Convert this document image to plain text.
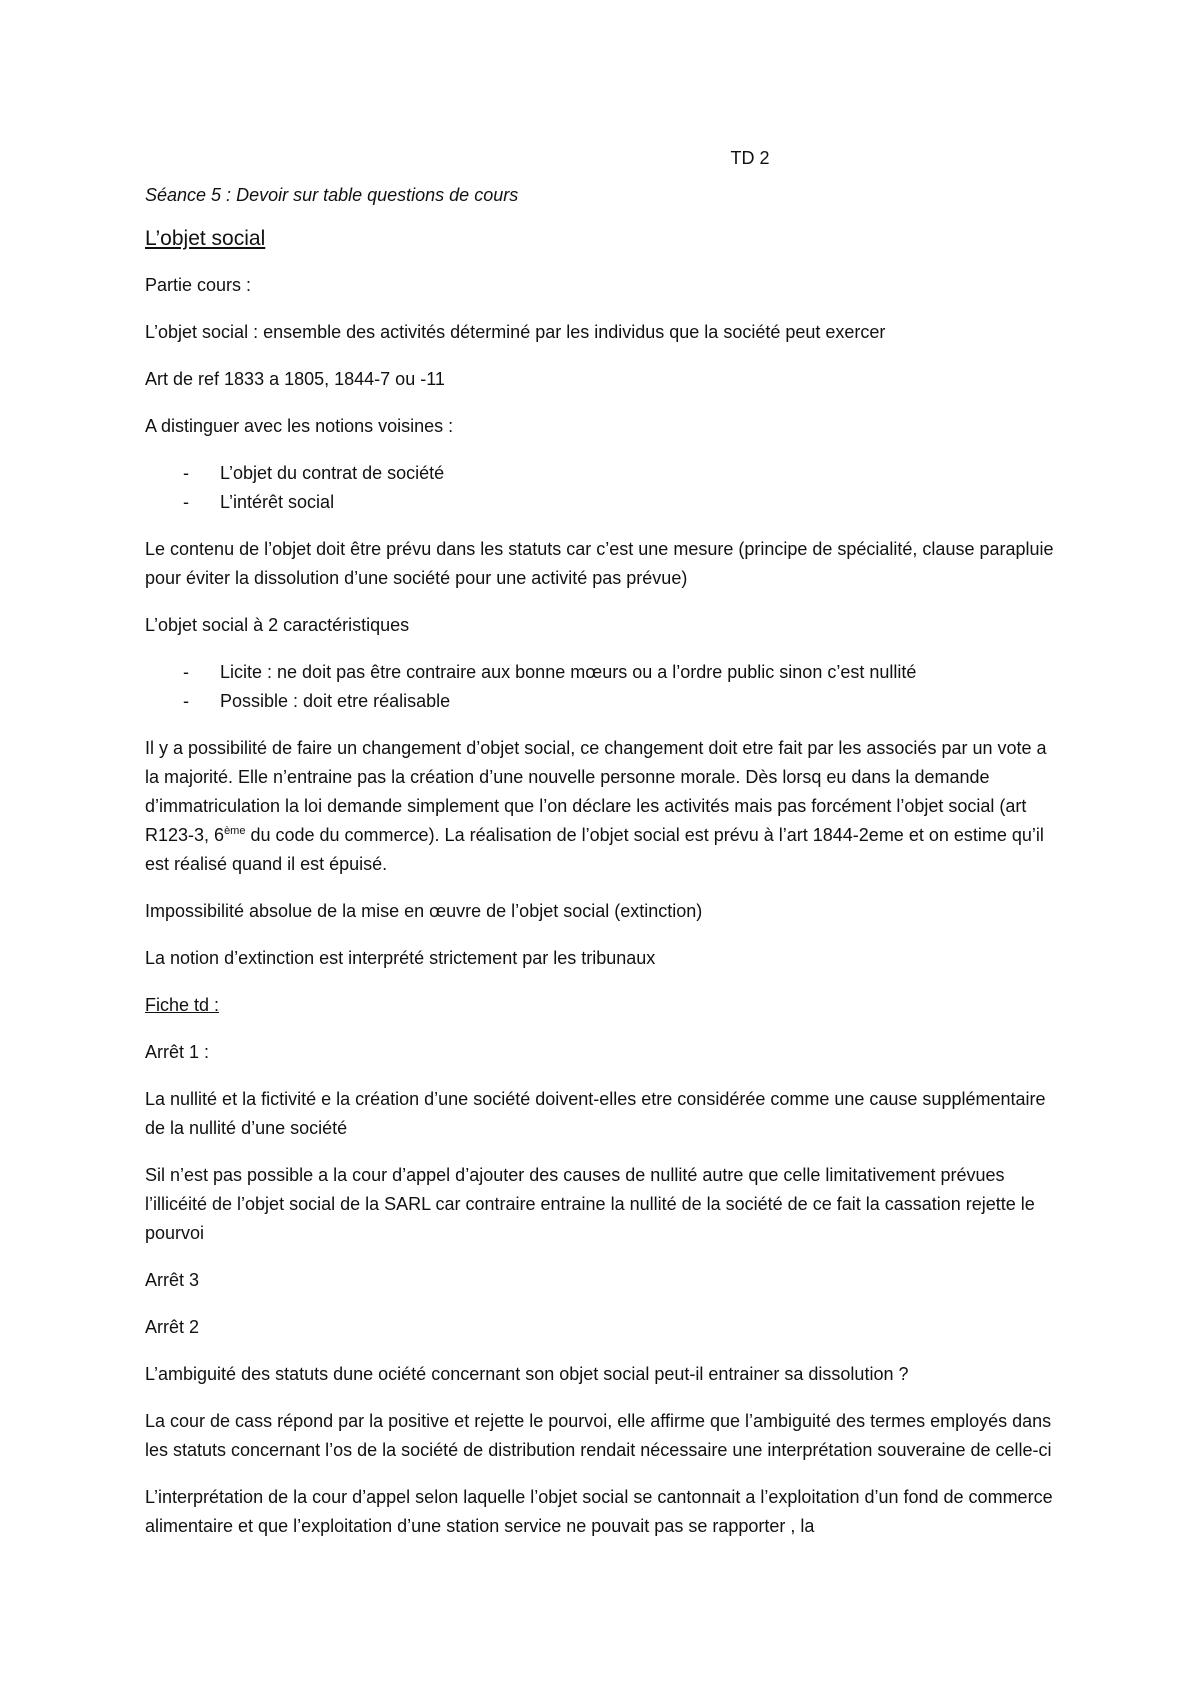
TD 2

Séance 5 : Devoir sur table questions de cours

L’objet social

Partie cours :

L’objet social : ensemble des activités déterminé par les individus que la société peut exercer

Art de ref 1833 a 1805, 1844-7 ou -11

A distinguer avec les notions voisines :

- L’objet du contrat de société
- L’intérêt social

Le contenu de l’objet doit être prévu dans les statuts car c’est une mesure (principe de spécialité, clause parapluie pour éviter la dissolution d’une société pour une activité pas prévue)

L’objet social à 2 caractéristiques

- Licite : ne doit pas être contraire aux bonne mœurs ou a l’ordre public sinon c’est nullité
- Possible : doit etre réalisable

Il y a possibilité de faire un changement d’objet social, ce changement doit etre fait par les associés par un vote a la majorité. Elle n’entraine pas la création d’une nouvelle personne morale. Dès lorsq eu dans la demande d’immatriculation la loi demande simplement que l’on déclare les activités mais pas forcément l’objet social (art R123-3, 6ème du code du commerce). La réalisation de l’objet social est prévu à l’art 1844-2eme et on estime qu’il est réalisé quand il est épuisé.

Impossibilité absolue de la mise en œuvre de l’objet social (extinction)

La notion d’extinction est interprété strictement par les tribunaux

Fiche td :

Arrêt 1 :

La nullité et la fictivité e la création d’une société doivent-elles etre considérée comme une cause supplémentaire de la nullité d’une société

Sil n’est pas possible a la cour d’appel d’ajouter des causes de nullité autre que celle limitativement prévues l’illicéité de l’objet social de la SARL car contraire entraine la nullité de la société de ce fait la cassation rejette le pourvoi

Arrêt 3

Arrêt 2

L’ambiguité des statuts dune ociété concernant son objet social peut-il entrainer sa dissolution ?

La cour de cass répond par la positive et rejette le pourvoi, elle affirme que l’ambiguité des termes employés dans les statuts concernant l’os de la société de distribution rendait nécessaire une interprétation souveraine de celle-ci

L’interprétation de la cour d’appel selon laquelle l’objet social se cantonnait a l’exploitation d’un fond de commerce alimentaire et que l’exploitation d’une station service ne pouvait pas se rapporter , la
